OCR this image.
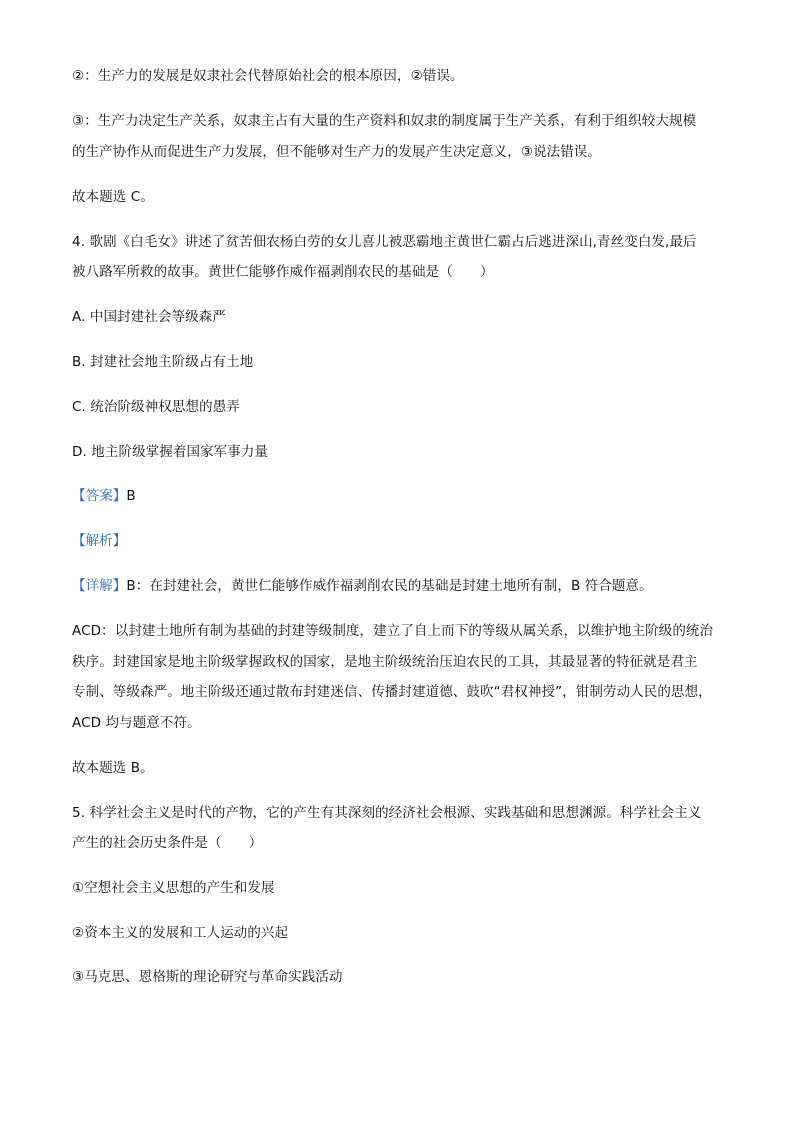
②：生产力的发展是奴隶社会代替原始社会的根本原因，②错误。
③：生产力决定生产关系，奴隶主占有大量的生产资料和奴隶的制度属于生产关系，有利于组织较大规模
的生产协作从而促进生产力发展，但不能够对生产力的发展产生决定意义，③说法错误。
故本题选 C。
4. 歌剧《白毛女》讲述了贫苦佃农杨白劳的女儿喜儿被恶霸地主黄世仁霸占后逃进深山,青丝变白发,最后
被八路军所救的故事。黄世仁能够作威作福剥削农民的基础是（　　）
A. 中国封建社会等级森严
B. 封建社会地主阶级占有土地
C. 统治阶级神权思想的愚弄
D. 地主阶级掌握着国家军事力量
【答案】B
【解析】
【详解】B：在封建社会，黄世仁能够作威作福剥削农民的基础是封建土地所有制，B 符合题意。
ACD：以封建土地所有制为基础的封建等级制度，建立了自上而下的等级从属关系，以维护地主阶级的统治
秩序。封建国家是地主阶级掌握政权的国家，是地主阶级统治压迫农民的工具，其最显著的特征就是君主
专制、等级森严。地主阶级还通过散布封建迷信、传播封建道德、鼓吹“君权神授”，钳制劳动人民的思想，
ACD 均与题意不符。
故本题选 B。
5. 科学社会主义是时代的产物，它的产生有其深刻的经济社会根源、实践基础和思想渊源。科学社会主义
产生的社会历史条件是（　　）
①空想社会主义思想的产生和发展
②资本主义的发展和工人运动的兴起
③马克思、恩格斯的理论研究与革命实践活动
